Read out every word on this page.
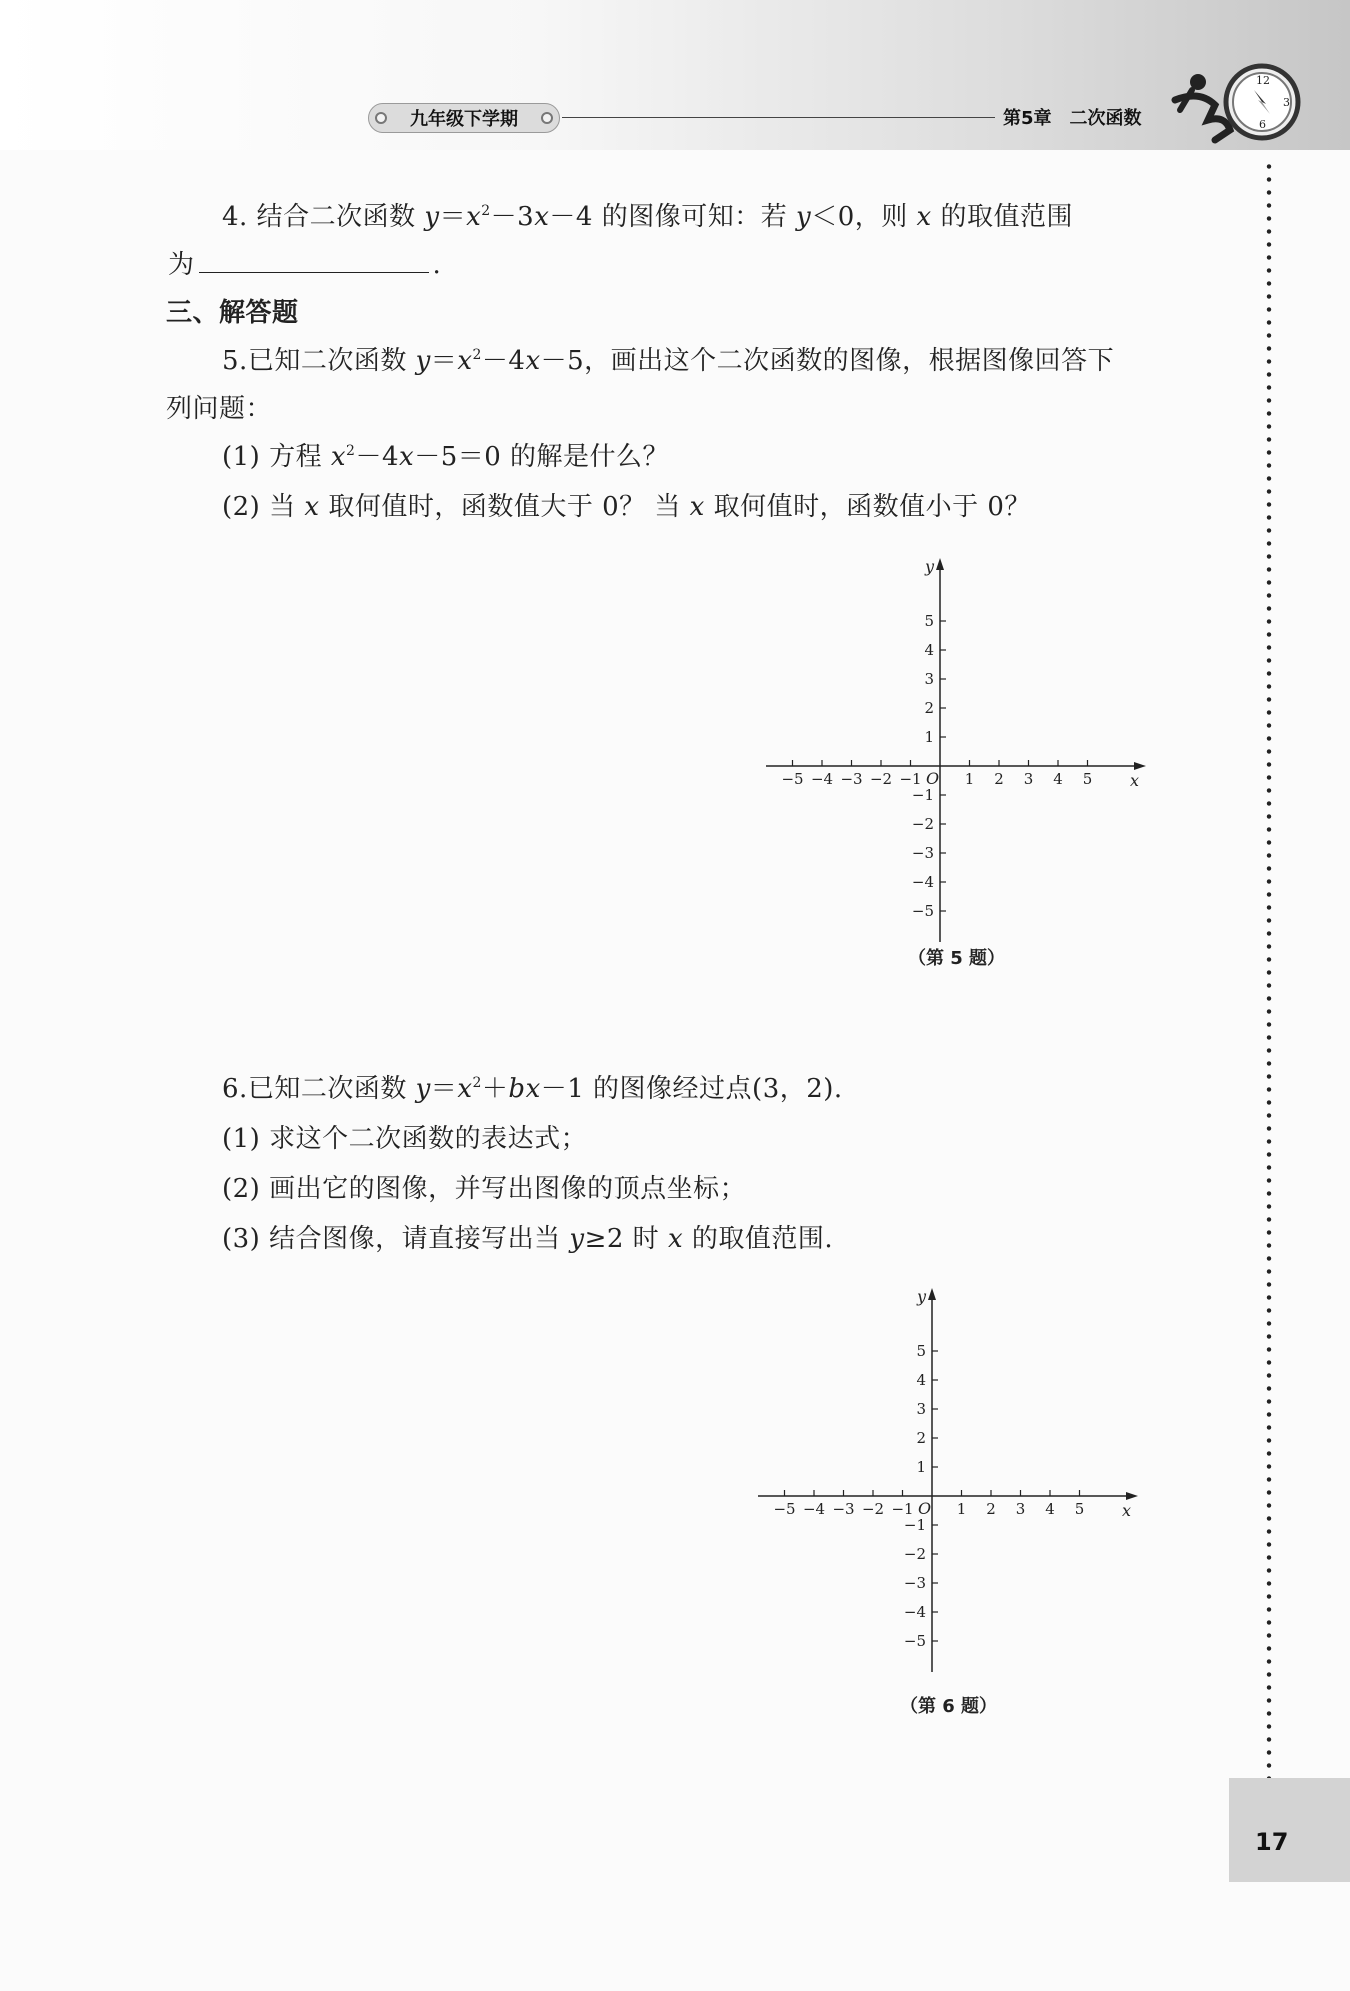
九年级下学期	第5章 二次函数
12
3
6
17
4. 结合二次函数 $y=x^2-3x-4$ 的图像可知：若 y＜0，则 x 的取值范围
为	.
三、解答题
5.已知二次函数 $y=x^2-4x-5$，画出这个二次函数的图像，根据图像回答下
列问题：
(1) 方程 $x^2-4x-5=0$ 的解是什么？
(2) 当 x 取何值时，函数值大于 0？ 当 x 取何值时，函数值小于 0？
x
y
O
−5 −4 −3 −2 −1	1 2 3 4 5
5
4
3
2
1
−1
−2
−3
−4
−5
（第 5 题）
6.已知二次函数 $y=x^2+bx-1$ 的图像经过点(3，2).
(1) 求这个二次函数的表达式；
(2) 画出它的图像，并写出图像的顶点坐标；
(3) 结合图像，请直接写出当 y≥2 时 x 的取值范围.
x
y
O
−5 −4 −3 −2 −1	1 2 3 4 5
5
4
3
2
1
−1
−2
−3
−4
−5
（第 6 题）
